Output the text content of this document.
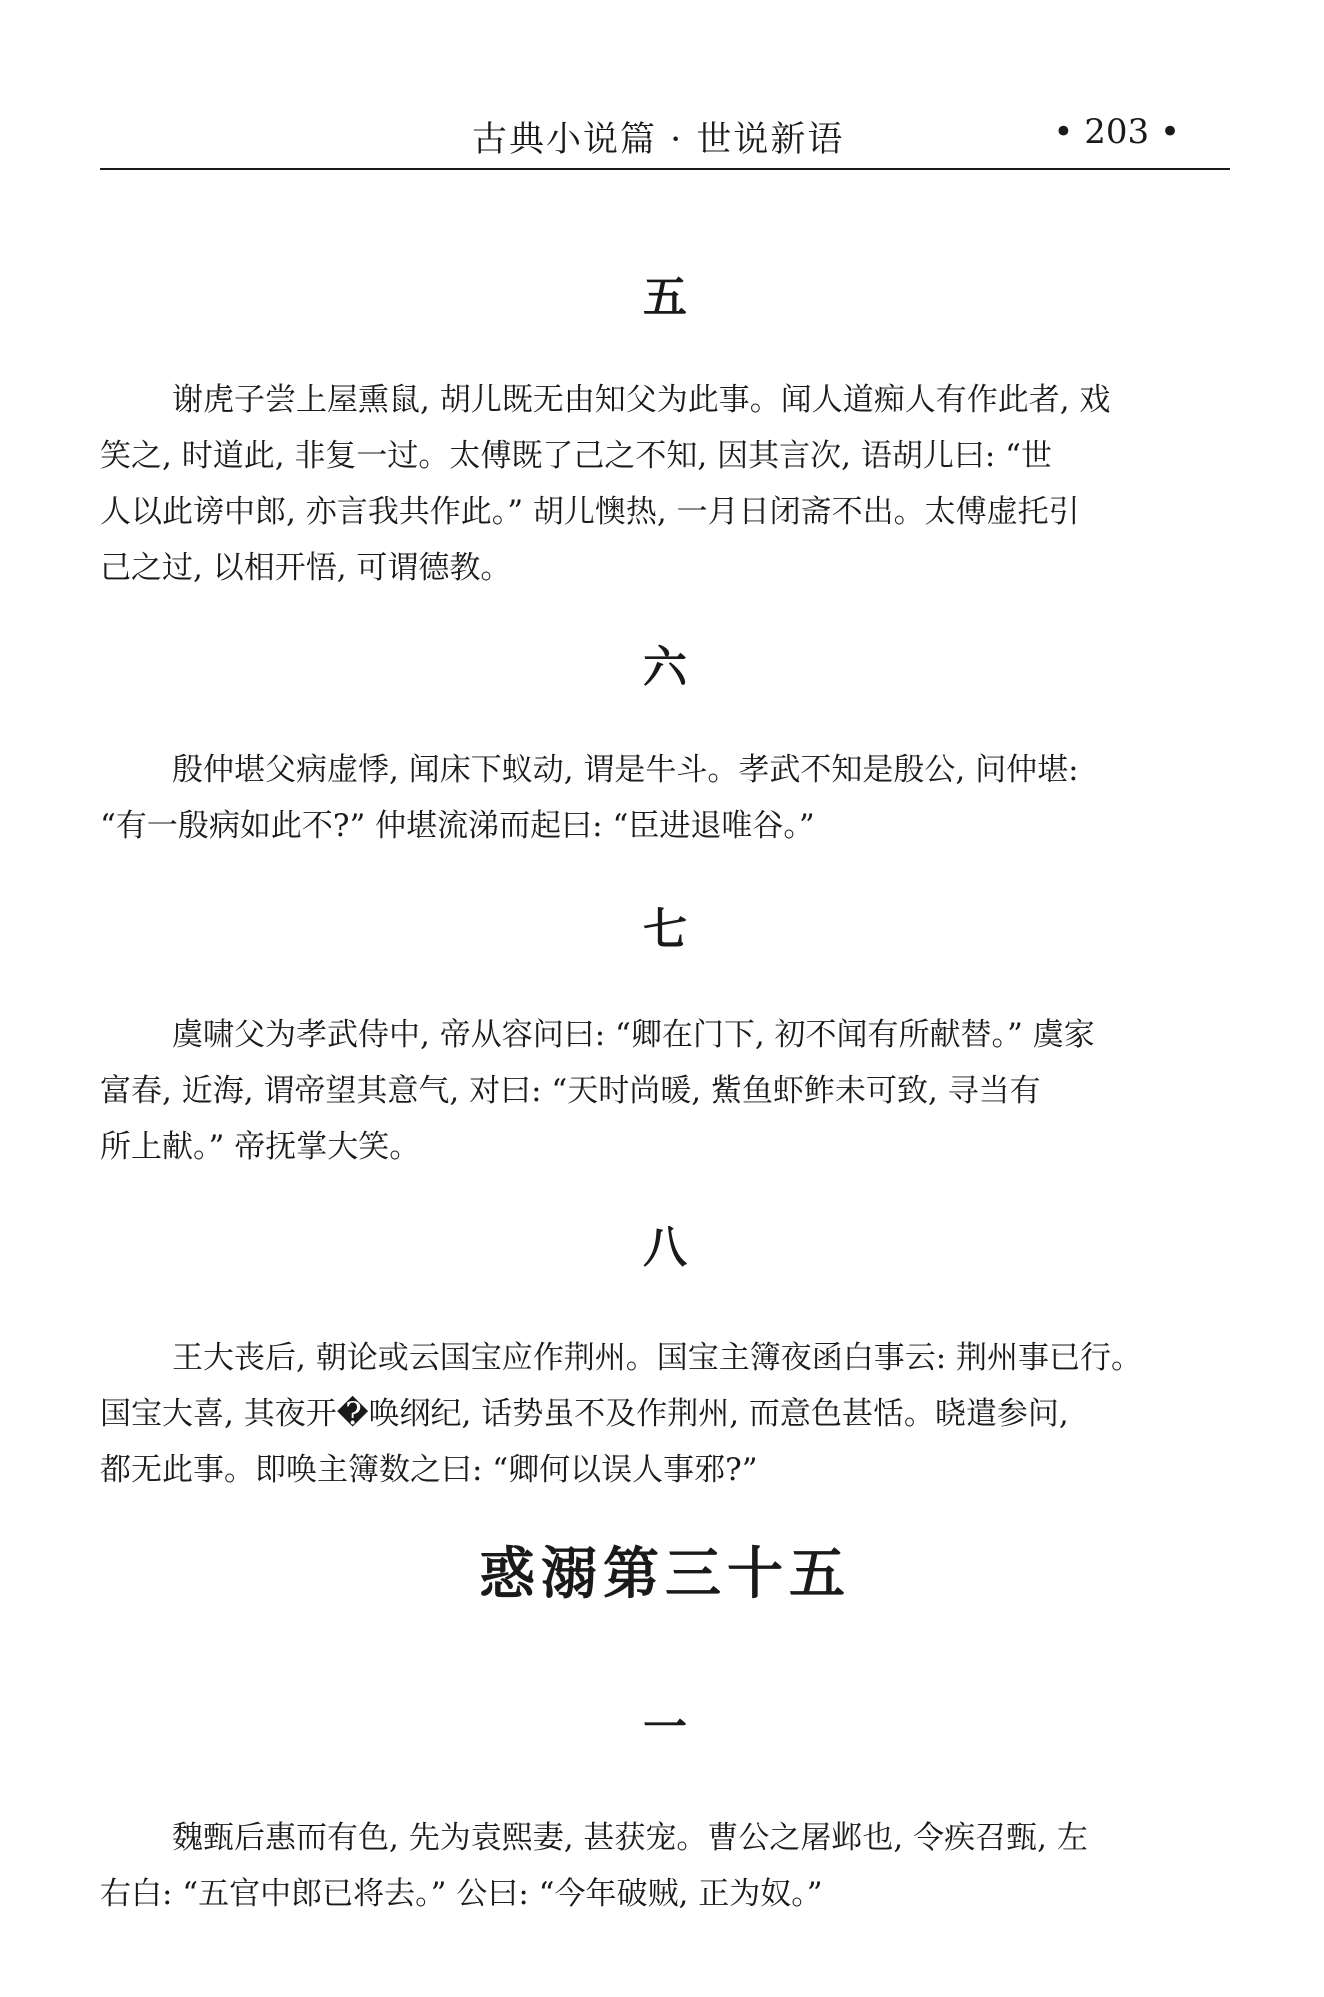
古典小说篇 · 世说新语	• 203 •
五
谢虎子尝上屋熏鼠, 胡儿既无由知父为此事。闻人道痴人有作此者, 戏
笑之, 时道此, 非复一过。太傅既了己之不知, 因其言次, 语胡儿曰: “世
人以此谤中郎, 亦言我共作此。” 胡儿懊热, 一月日闭斋不出。太傅虚托引
己之过, 以相开悟, 可谓德教。
六
殷仲堪父病虚悸, 闻床下蚁动, 谓是牛斗。孝武不知是殷公, 问仲堪:
“有一殷病如此不?” 仲堪流涕而起曰: “臣进退唯谷。”
七
虞啸父为孝武侍中, 帝从容问曰: “卿在门下, 初不闻有所献替。” 虞家
富春, 近海, 谓帝望其意气, 对曰: “天时尚暖, 鮆鱼虾鲊未可致, 寻当有
所上献。” 帝抚掌大笑。
八
王大丧后, 朝论或云国宝应作荆州。国宝主簿夜函白事云: 荆州事已行。
国宝大喜, 其夜开�唤纲纪, 话势虽不及作荆州, 而意色甚恬。晓遣参问,
都无此事。即唤主簿数之曰: “卿何以误人事邪?”
惑溺第三十五
一
魏甄后惠而有色, 先为袁熙妻, 甚获宠。曹公之屠邺也, 令疾召甄, 左
右白: “五官中郎已将去。” 公曰: “今年破贼, 正为奴。”
